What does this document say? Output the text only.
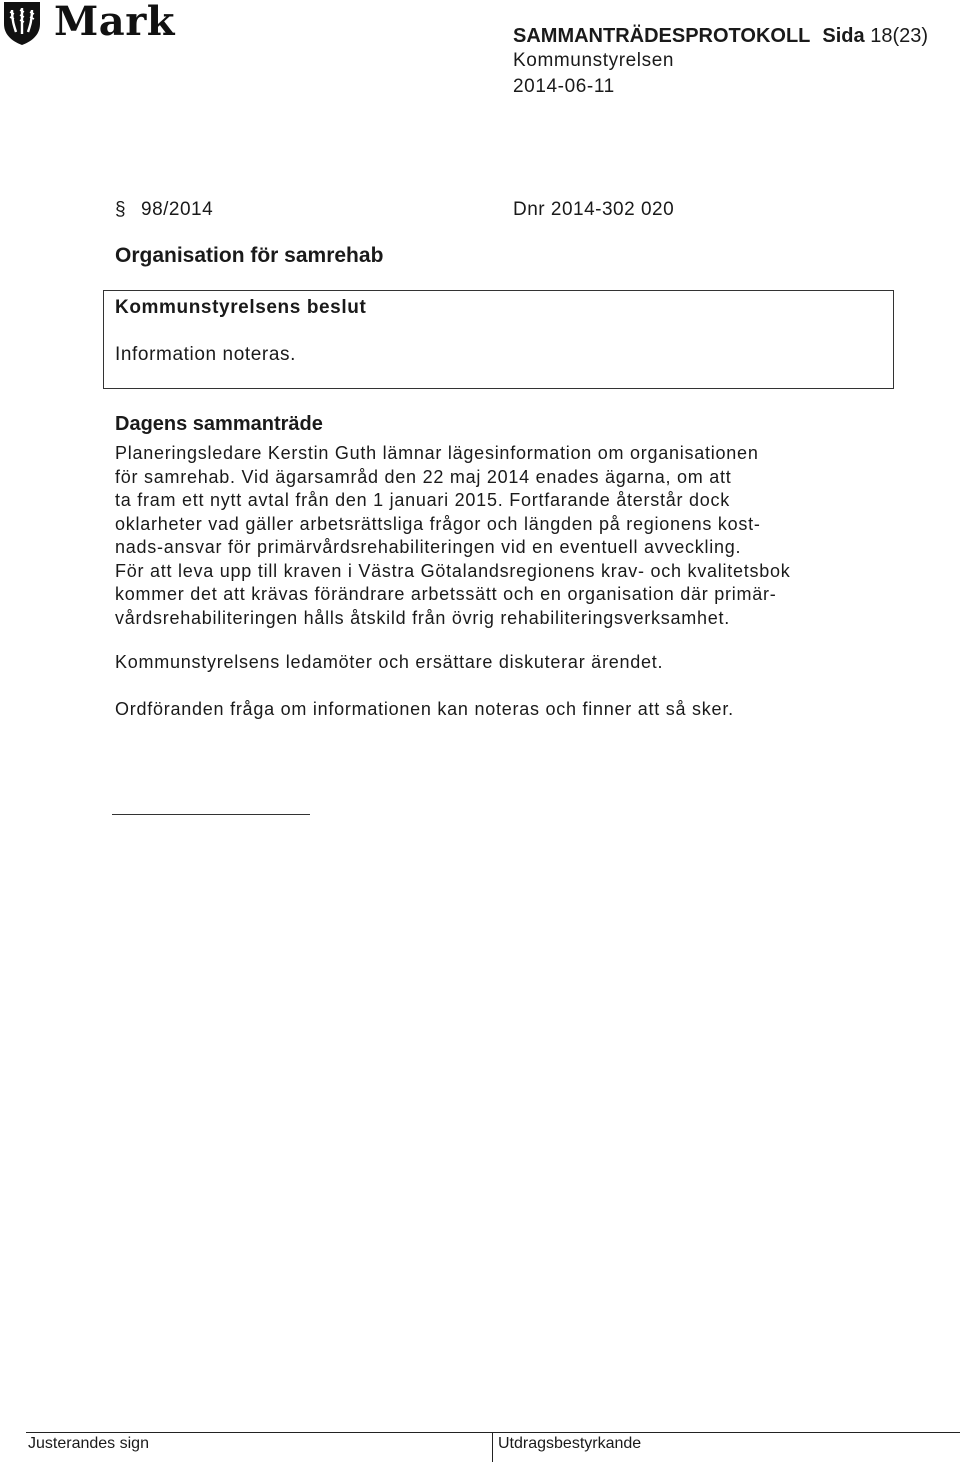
Mark	SAMMANTRÄDESPROTOKOLL Sida 18(23)
Kommunstyrelsen
2014-06-11
§ 98/2014	Dnr 2014-302 020
Organisation för samrehab
Kommunstyrelsens beslut
Information noteras.
Dagens sammanträde
Planeringsledare Kerstin Guth lämnar lägesinformation om organisationen
för samrehab. Vid ägarsamråd den 22 maj 2014 enades ägarna, om att
ta fram ett nytt avtal från den 1 januari 2015. Fortfarande återstår dock
oklarheter vad gäller arbetsrättsliga frågor och längden på regionens kost-
nads-ansvar för primärvårdsrehabiliteringen vid en eventuell avveckling.
För att leva upp till kraven i Västra Götalandsregionens krav- och kvalitetsbok
kommer det att krävas förändrare arbetssätt och en organisation där primär-
vårdsrehabiliteringen hålls åtskild från övrig rehabiliteringsverksamhet.
Kommunstyrelsens ledamöter och ersättare diskuterar ärendet.
Ordföranden fråga om informationen kan noteras och finner att så sker.
Justerandes sign	Utdragsbestyrkande
